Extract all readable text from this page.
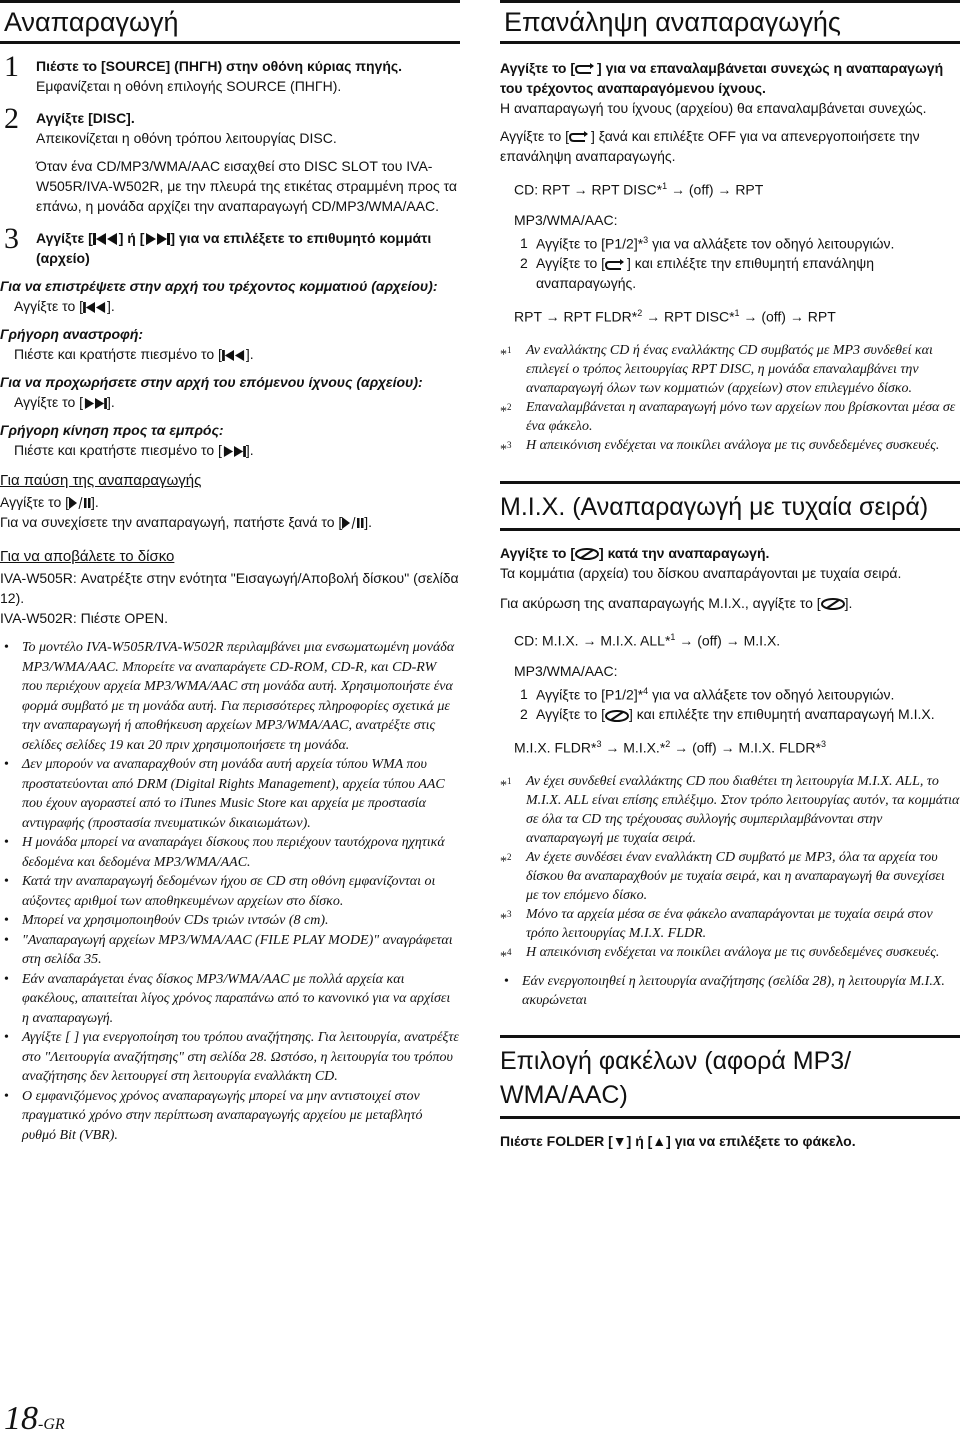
Αναπαραγωγή
1 Πιέστε το [SOURCE] (ΠΗΓΗ) στην οθόνη κύριας πηγής.
Εμφανίζεται η οθόνη επιλογής SOURCE (ΠΗΓΗ).
2 Αγγίξτε [DISC].
Απεικονίζεται η οθόνη τρόπου λειτουργίας DISC.
Όταν ένα CD/MP3/WMA/AAC εισαχθεί στο DISC SLOT του IVA-W505R/IVA-W502R, με την πλευρά της ετικέτας στραμμένη προς τα επάνω, η μονάδα αρχίζει την αναπαραγωγή CD/MP3/WMA/AAC.
3 Αγγίξτε [ ] ή [ ] για να επιλέξετε το επιθυμητό κομμάτι (αρχείο)
Για να επιστρέψετε στην αρχή του τρέχοντος κομματιού (αρχείου):
Αγγίξτε το [ ].
Γρήγορη αναστροφή:
Πιέστε και κρατήστε πιεσμένο το [ ].
Για να προχωρήσετε στην αρχή του επόμενου ίχνους (αρχείου):
Αγγίξτε το [ ].
Γρήγορη κίνηση προς τα εμπρός:
Πιέστε και κρατήστε πιεσμένο το [ ].
Για παύση της αναπαραγωγής
Αγγίξτε το [ ].
Για να συνεχίσετε την αναπαραγωγή, πατήστε ξανά το [ ].
Για να αποβάλετε το δίσκο
IVA-W505R: Ανατρέξτε στην ενότητα "Εισαγωγή/Αποβολή δίσκου" (σελίδα 12).
IVA-W502R: Πιέστε OPEN.
• Το μοντέλο IVA-W505R/IVA-W502R περιλαμβάνει μια ενσωματωμένη μονάδα MP3/WMA/AAC. Μπορείτε να αναπαράγετε CD-ROM, CD-R, και CD-RW που περιέχουν αρχεία MP3/WMA/AAC στη μονάδα αυτή. Χρησιμοποιήστε ένα φορμά συμβατό με τη μονάδα αυτή. Για περισσότερες πληροφορίες σχετικά με την αναπαραγωγή ή αποθήκευση αρχείων MP3/WMA/AAC, ανατρέξτε στις σελίδες σελίδες 19 και 20 πριν χρησιμοποιήσετε τη μονάδα.
• Δεν μπορούν να αναπαραχθούν στη μονάδα αυτή αρχεία τύπου WMA που προστατεύονται από DRM (Digital Rights Management), αρχεία τύπου AAC που έχουν αγοραστεί από το iTunes Music Store και αρχεία με προστασία αντιγραφής (προστασία πνευματικών δικαιωμάτων).
• Η μονάδα μπορεί να αναπαράγει δίσκους που περιέχουν ταυτόχρονα ηχητικά δεδομένα και δεδομένα MP3/WMA/AAC.
• Κατά την αναπαραγωγή δεδομένων ήχου σε CD στη οθόνη εμφανίζονται οι αύξοντες αριθμοί των αποθηκευμένων αρχείων στο δίσκο.
• Μπορεί να χρησιμοποιηθούν CDs τριών ιντσών (8 cm).
• "Αναπαραγωγή αρχείων MP3/WMA/AAC (FILE PLAY MODE)" αναγράφεται στη σελίδα 35.
• Εάν αναπαράγεται ένας δίσκος MP3/WMA/AAC με πολλά αρχεία και φακέλους, απαιτείται λίγος χρόνος παραπάνω από το κανονικό για να αρχίσει η αναπαραγωγή.
• Αγγίξτε [ ] για ενεργοποίηση του τρόπου αναζήτησης. Για λειτουργία, ανατρέξτε στο "Λειτουργία αναζήτησης" στη σελίδα 28. Ωστόσο, η λειτουργία του τρόπου αναζήτησης δεν λειτουργεί στη λειτουργία εναλλάκτη CD.
• Ο εμφανιζόμενος χρόνος αναπαραγωγής μπορεί να μην αντιστοιχεί στον πραγματικό χρόνο στην περίπτωση αναπαραγωγής αρχείου με μεταβλητό ρυθμό Bit (VBR).
18-GR
Επανάληψη αναπαραγωγής
Αγγίξτε το [ ] για να επαναλαμβάνεται συνεχώς η αναπαραγωγή του τρέχοντος αναπαραγόμενου ίχνους.
Η αναπαραγωγή του ίχνους (αρχείου) θα επαναλαμβάνεται συνεχώς.
Αγγίξτε το [ ] ξανά και επιλέξτε OFF για να απενεργοποιήσετε την επανάληψη αναπαραγωγής.
CD: RPT → RPT DISC*$^1$ → (off) → RPT
MP3/WMA/AAC:
1 Αγγίξτε το [P1/2]*$^3$ για να αλλάξετε τον οδηγό λειτουργιών.
2 Αγγίξτε το [ ] και επιλέξτε την επιθυμητή επανάληψη αναπαραγωγής.
RPT → RPT FLDR*$^2$ → RPT DISC*$^1$ → (off) → RPT
*$^1$ Αν εναλλάκτης CD ή ένας εναλλάκτης CD συμβατός με MP3 συνδεθεί και επιλεγεί ο τρόπος λειτουργίας RPT DISC, η μονάδα επαναλαμβάνει την αναπαραγωγή όλων των κομματιών (αρχείων) στον επιλεγμένο δίσκο.
*$^2$ Επαναλαμβάνεται η αναπαραγωγή μόνο των αρχείων που βρίσκονται μέσα σε ένα φάκελο.
*$^3$ Η απεικόνιση ενδέχεται να ποικίλει ανάλογα με τις συνδεδεμένες συσκευές.
M.I.X. (Αναπαραγωγή με τυχαία σειρά)
Αγγίξτε το [ ] κατά την αναπαραγωγή.
Τα κομμάτια (αρχεία) του δίσκου αναπαράγονται με τυχαία σειρά.
Για ακύρωση της αναπαραγωγής M.I.X., αγγίξτε το [ ].
CD: M.I.X. → M.I.X. ALL*$^1$ → (off) → M.I.X.
MP3/WMA/AAC:
1 Αγγίξτε το [P1/2]*$^4$ για να αλλάξετε τον οδηγό λειτουργιών.
2 Αγγίξτε το [ ] και επιλέξτε την επιθυμητή αναπαραγωγή M.I.X.
M.I.X. FLDR*$^3$ → M.I.X.*$^2$ → (off) → M.I.X. FLDR*$^3$
*$^1$ Αν έχει συνδεθεί εναλλάκτης CD που διαθέτει τη λειτουργία M.I.X. ALL, το M.I.X. ALL είναι επίσης επιλέξιμο. Στον τρόπο λειτουργίας αυτόν, τα κομμάτια σε όλα τα CD της τρέχουσας συλλογής συμπεριλαμβάνονται στην αναπαραγωγή με τυχαία σειρά.
*$^2$ Αν έχετε συνδέσει έναν εναλλάκτη CD συμβατό με MP3, όλα τα αρχεία του δίσκου θα αναπαραχθούν με τυχαία σειρά, και η αναπαραγωγή θα συνεχίσει με τον επόμενο δίσκο.
*$^3$ Μόνο τα αρχεία μέσα σε ένα φάκελο αναπαράγονται με τυχαία σειρά στον τρόπο λειτουργίας M.I.X. FLDR.
*$^4$ Η απεικόνιση ενδέχεται να ποικίλει ανάλογα με τις συνδεδεμένες συσκευές.
• Εάν ενεργοποιηθεί η λειτουργία αναζήτησης (σελίδα 28), η λειτουργία M.I.X. ακυρώνεται
Επιλογή φακέλων (αφορά MP3/ WMA/AAC)
Πιέστε FOLDER [▼] ή [▲] για να επιλέξετε το φάκελο.
